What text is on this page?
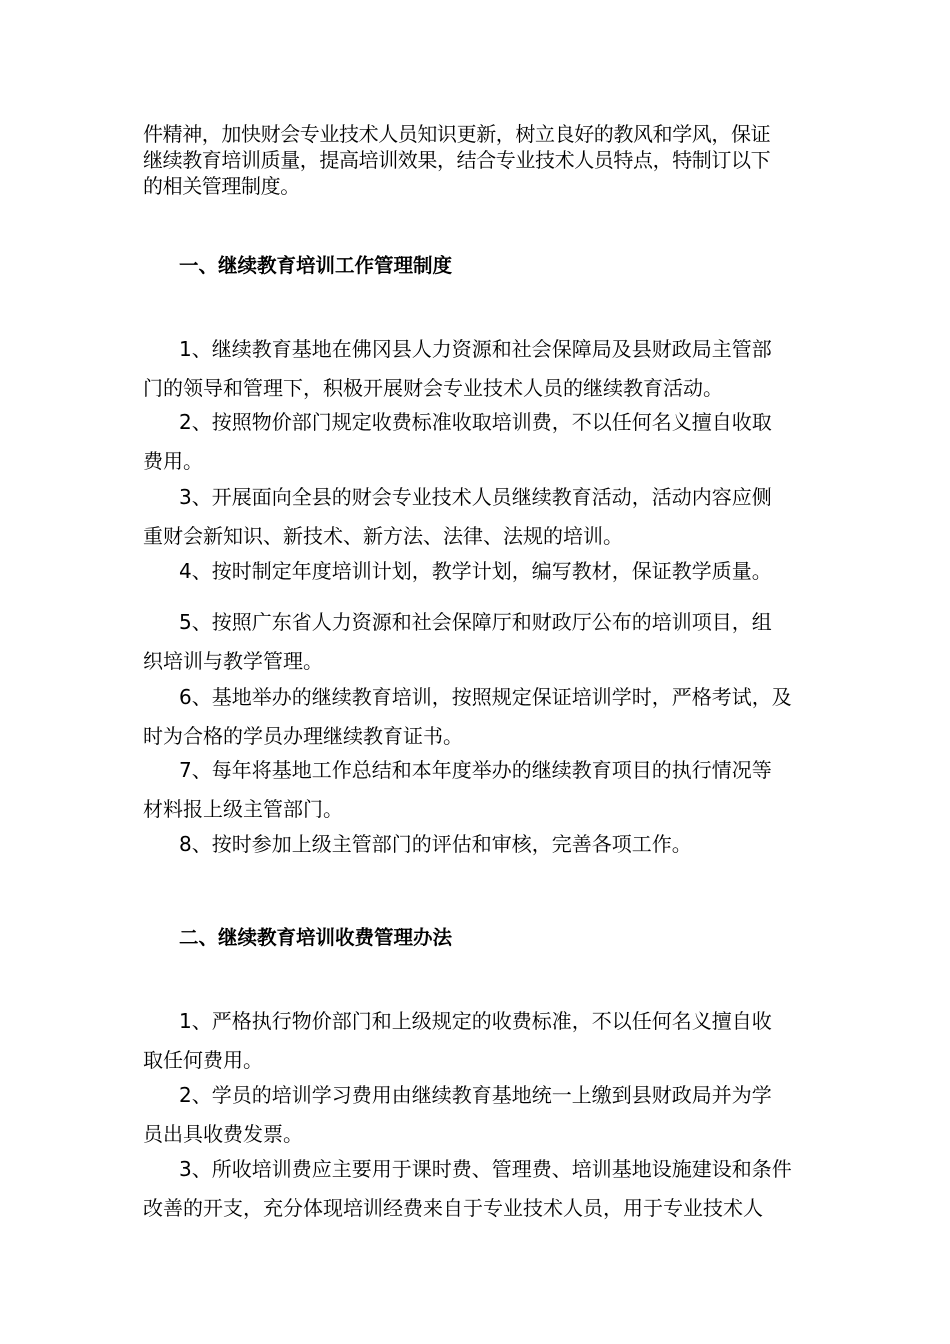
件精神，加快财会专业技术人员知识更新，树立良好的教风和学风，保证
继续教育培训质量，提高培训效果，结合专业技术人员特点，特制订以下
的相关管理制度。

一、继续教育培训工作管理制度

1、继续教育基地在佛冈县人力资源和社会保障局及县财政局主管部
门的领导和管理下，积极开展财会专业技术人员的继续教育活动。

2、按照物价部门规定收费标准收取培训费，不以任何名义擅自收取
费用。

3、开展面向全县的财会专业技术人员继续教育活动，活动内容应侧
重财会新知识、新技术、新方法、法律、法规的培训。

4、按时制定年度培训计划，教学计划，编写教材，保证教学质量。

5、按照广东省人力资源和社会保障厅和财政厅公布的培训项目，组
织培训与教学管理。

6、基地举办的继续教育培训，按照规定保证培训学时，严格考试，及
时为合格的学员办理继续教育证书。

7、每年将基地工作总结和本年度举办的继续教育项目的执行情况等
材料报上级主管部门。

8、按时参加上级主管部门的评估和审核，完善各项工作。

二、继续教育培训收费管理办法

1、严格执行物价部门和上级规定的收费标准，不以任何名义擅自收
取任何费用。

2、学员的培训学习费用由继续教育基地统一上缴到县财政局并为学
员出具收费发票。

3、所收培训费应主要用于课时费、管理费、培训基地设施建设和条件
改善的开支，充分体现培训经费来自于专业技术人员，用于专业技术人
